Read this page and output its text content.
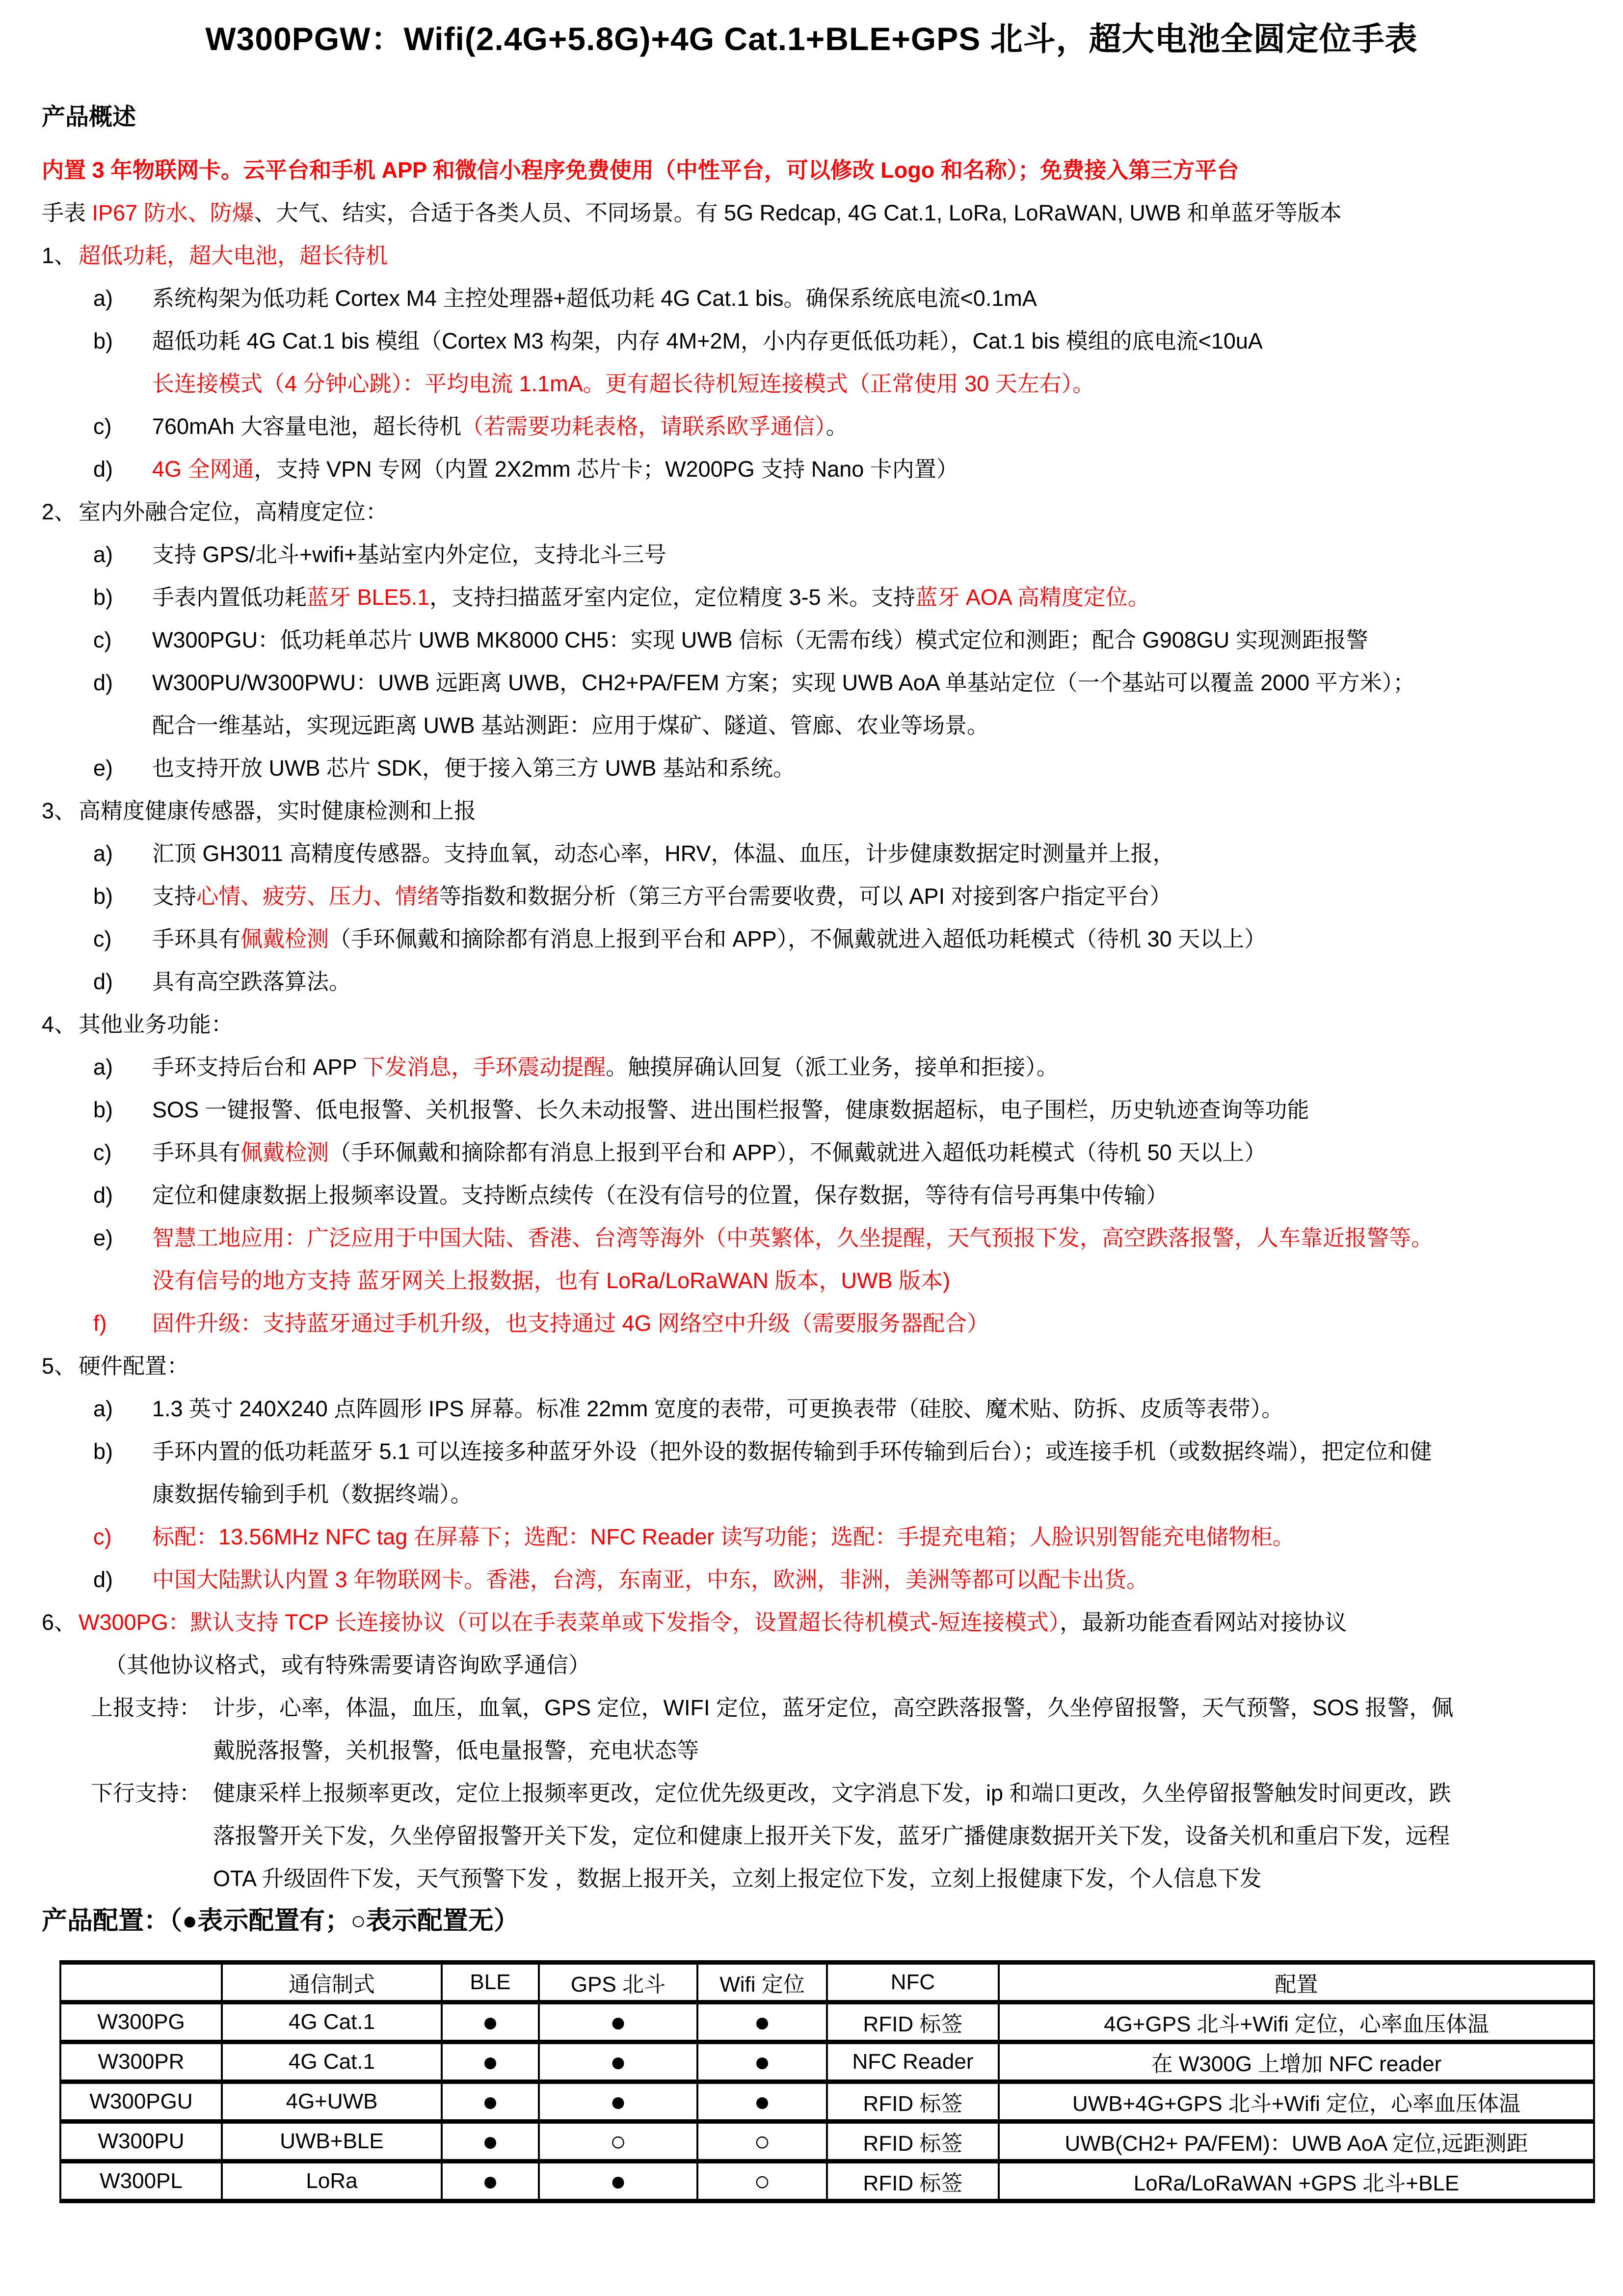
W300PGW：Wifi(2.4G+5.8G)+4G Cat.1+BLE+GPS 北斗，超大电池全圆定位手表
产品概述
内置 3 年物联网卡。云平台和手机 APP 和微信小程序免费使用（中性平台，可以修改 Logo 和名称）；免费接入第三方平台
手表 IP67 防水、防爆、大气、结实，合适于各类人员、不同场景。有 5G Redcap, 4G Cat.1, LoRa, LoRaWAN, UWB 和单蓝牙等版本
1、 超低功耗，超大电池，超长待机
a) 系统构架为低功耗 Cortex M4 主控处理器+超低功耗 4G Cat.1 bis。确保系统底电流<0.1mA
b) 超低功耗 4G Cat.1 bis 模组（Cortex M3 构架，内存 4M+2M，小内存更低低功耗），Cat.1 bis 模组的底电流<10uA
长连接模式（4 分钟心跳）：平均电流 1.1mA。更有超长待机短连接模式（正常使用 30 天左右）。
c) 760mAh 大容量电池，超长待机（若需要功耗表格，请联系欧孚通信）。
d) 4G 全网通，支持 VPN 专网（内置 2X2mm 芯片卡；W200PG 支持 Nano 卡内置）
2、 室内外融合定位，高精度定位：
a) 支持 GPS/北斗+wifi+基站室内外定位，支持北斗三号
b) 手表内置低功耗蓝牙 BLE5.1，支持扫描蓝牙室内定位，定位精度 3-5 米。支持蓝牙 AOA 高精度定位。
c) W300PGU：低功耗单芯片 UWB MK8000 CH5：实现 UWB 信标（无需布线）模式定位和测距；配合 G908GU 实现测距报警
d) W300PU/W300PWU：UWB 远距离 UWB，CH2+PA/FEM 方案；实现 UWB AoA 单基站定位（一个基站可以覆盖 2000 平方米）；
配合一维基站，实现远距离 UWB 基站测距：应用于煤矿、隧道、管廊、农业等场景。
e) 也支持开放 UWB 芯片 SDK，便于接入第三方 UWB 基站和系统。
3、 高精度健康传感器，实时健康检测和上报
a) 汇顶 GH3011 高精度传感器。支持血氧，动态心率，HRV，体温、血压，计步健康数据定时测量并上报，
b) 支持心情、疲劳、压力、情绪等指数和数据分析（第三方平台需要收费，可以 API 对接到客户指定平台）
c) 手环具有佩戴检测（手环佩戴和摘除都有消息上报到平台和 APP），不佩戴就进入超低功耗模式（待机 30 天以上）
d) 具有高空跌落算法。
4、 其他业务功能：
a) 手环支持后台和 APP 下发消息，手环震动提醒。触摸屏确认回复（派工业务，接单和拒接）。
b) SOS 一键报警、低电报警、关机报警、长久未动报警、进出围栏报警，健康数据超标，电子围栏，历史轨迹查询等功能
c) 手环具有佩戴检测（手环佩戴和摘除都有消息上报到平台和 APP），不佩戴就进入超低功耗模式（待机 50 天以上）
d) 定位和健康数据上报频率设置。支持断点续传（在没有信号的位置，保存数据，等待有信号再集中传输）
e) 智慧工地应用：广泛应用于中国大陆、香港、台湾等海外（中英繁体，久坐提醒，天气预报下发，高空跌落报警，人车靠近报警等。
没有信号的地方支持 蓝牙网关上报数据，也有 LoRa/LoRaWAN 版本，UWB 版本)
f) 固件升级：支持蓝牙通过手机升级，也支持通过 4G 网络空中升级（需要服务器配合）
5、 硬件配置：
a) 1.3 英寸 240X240 点阵圆形 IPS 屏幕。标准 22mm 宽度的表带，可更换表带（硅胶、魔术贴、防拆、皮质等表带）。
b) 手环内置的低功耗蓝牙 5.1 可以连接多种蓝牙外设（把外设的数据传输到手环传输到后台）；或连接手机（或数据终端），把定位和健
康数据传输到手机（数据终端）。
c) 标配：13.56MHz NFC tag 在屏幕下；选配：NFC Reader 读写功能；选配：手提充电箱；人脸识别智能充电储物柜。
d) 中国大陆默认内置 3 年物联网卡。香港，台湾，东南亚，中东，欧洲，非洲，美洲等都可以配卡出货。
6、 W300PG：默认支持 TCP 长连接协议（可以在手表菜单或下发指令，设置超长待机模式-短连接模式），最新功能查看网站对接协议
（其他协议格式，或有特殊需要请咨询欧孚通信）
上报支持： 计步，心率，体温，血压，血氧，GPS 定位，WIFI 定位，蓝牙定位，高空跌落报警，久坐停留报警，天气预警，SOS 报警，佩
戴脱落报警，关机报警，低电量报警，充电状态等
下行支持： 健康采样上报频率更改，定位上报频率更改，定位优先级更改，文字消息下发，ip 和端口更改，久坐停留报警触发时间更改，跌
落报警开关下发，久坐停留报警开关下发，定位和健康上报开关下发，蓝牙广播健康数据开关下发，设备关机和重启下发，远程
OTA 升级固件下发，天气预警下发 ，数据上报开关，立刻上报定位下发，立刻上报健康下发，个人信息下发
产品配置：（●表示配置有；○表示配置无）
	通信制式	BLE	GPS 北斗	Wifi 定位	NFC	配置
W300PG	4G Cat.1	●	●	●	RFID 标签	4G+GPS 北斗+Wifi 定位，心率血压体温
W300PR	4G Cat.1	●	●	●	NFC Reader	在 W300G 上增加 NFC reader
W300PGU	4G+UWB	●	●	●	RFID 标签	UWB+4G+GPS 北斗+Wifi 定位，心率血压体温
W300PU	UWB+BLE	●	○	○	RFID 标签	UWB(CH2+ PA/FEM)：UWB AoA 定位,远距测距
W300PL	LoRa	●	●	○	RFID 标签	LoRa/LoRaWAN +GPS 北斗+BLE
